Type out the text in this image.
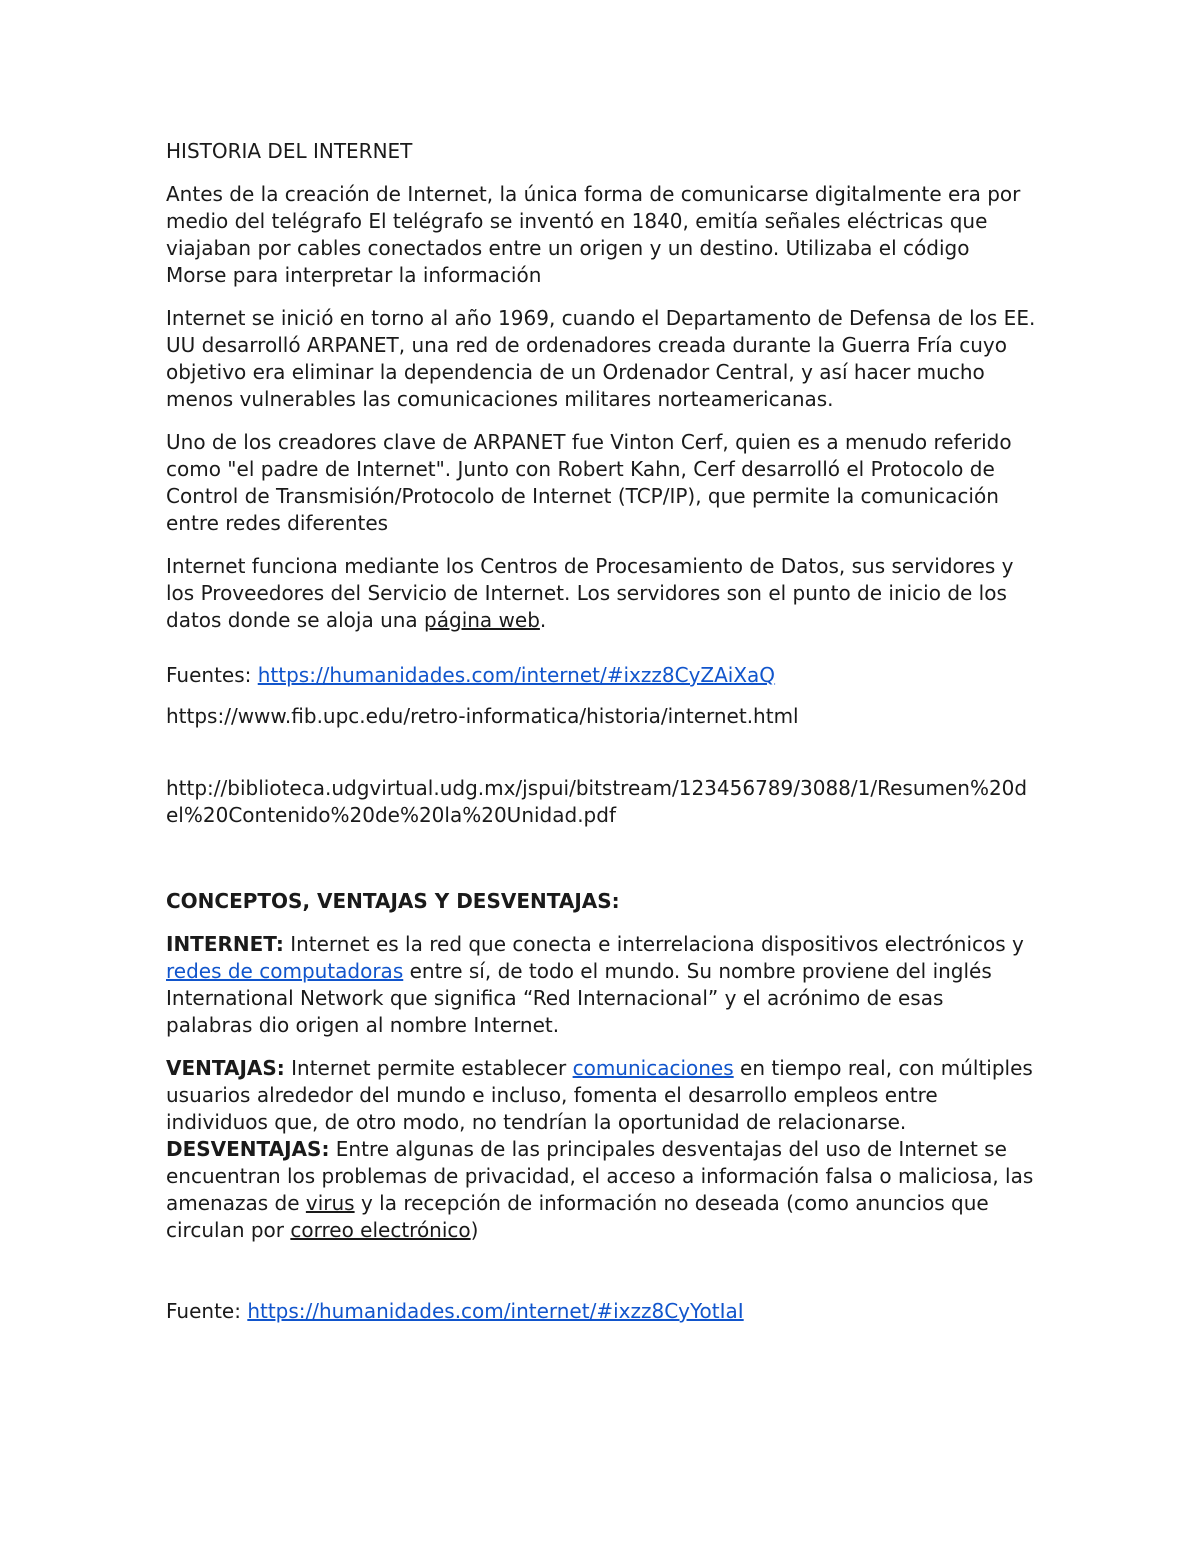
HISTORIA DEL INTERNET

Antes de la creación de Internet, la única forma de comunicarse digitalmente era por medio del telégrafo El telégrafo se inventó en 1840, emitía señales eléctricas que viajaban por cables conectados entre un origen y un destino. Utilizaba el código Morse para interpretar la información

Internet se inició en torno al año 1969, cuando el Departamento de Defensa de los EE. UU desarrolló ARPANET, una red de ordenadores creada durante la Guerra Fría cuyo objetivo era eliminar la dependencia de un Ordenador Central, y así hacer mucho menos vulnerables las comunicaciones militares norteamericanas.

Uno de los creadores clave de ARPANET fue Vinton Cerf, quien es a menudo referido como "el padre de Internet". Junto con Robert Kahn, Cerf desarrolló el Protocolo de Control de Transmisión/Protocolo de Internet (TCP/IP), que permite la comunicación entre redes diferentes

Internet funciona mediante los Centros de Procesamiento de Datos, sus servidores y los Proveedores del Servicio de Internet. Los servidores son el punto de inicio de los datos donde se aloja una página web.

Fuentes: https://humanidades.com/internet/#ixzz8CyZAiXaQ

https://www.fib.upc.edu/retro-informatica/historia/internet.html

http://biblioteca.udgvirtual.udg.mx/jspui/bitstream/123456789/3088/1/Resumen%20del%20Contenido%20de%20la%20Unidad.pdf

CONCEPTOS, VENTAJAS Y DESVENTAJAS:

INTERNET: Internet es la red que conecta e interrelaciona dispositivos electrónicos y redes de computadoras entre sí, de todo el mundo. Su nombre proviene del inglés International Network que significa “Red Internacional” y el acrónimo de esas palabras dio origen al nombre Internet.

VENTAJAS: Internet permite establecer comunicaciones en tiempo real, con múltiples usuarios alrededor del mundo e incluso, fomenta el desarrollo empleos entre individuos que, de otro modo, no tendrían la oportunidad de relacionarse.

DESVENTAJAS: Entre algunas de las principales desventajas del uso de Internet se encuentran los problemas de privacidad, el acceso a información falsa o maliciosa, las amenazas de virus y la recepción de información no deseada (como anuncios que circulan por correo electrónico)

Fuente: https://humanidades.com/internet/#ixzz8CyYotIaI
